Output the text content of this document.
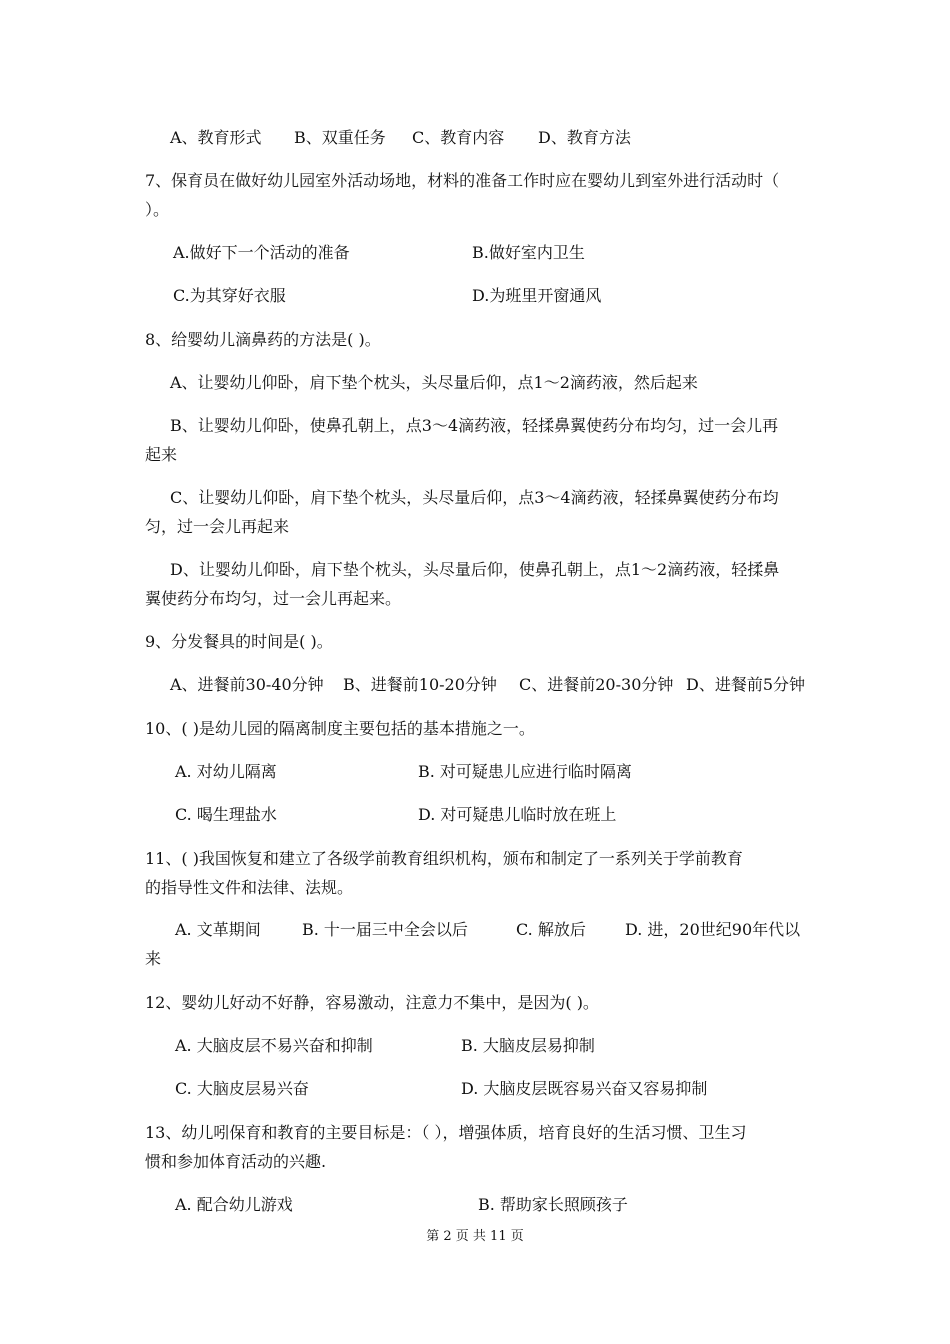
A、教育形式 B、双重任务 C、教育内容 D、教育方法
7、保育员在做好幼儿园室外活动场地，材料的准备工作时应在婴幼儿到室外进行活动时（
）。
A.做好下一个活动的准备	B.做好室内卫生
C.为其穿好衣服	D.为班里开窗通风
8、给婴幼儿滴鼻药的方法是( )。
A、让婴幼儿仰卧，肩下垫个枕头，头尽量后仰，点1～2滴药液，然后起来
B、让婴幼儿仰卧，使鼻孔朝上，点3～4滴药液，轻揉鼻翼使药分布均匀，过一会儿再
起来
C、让婴幼儿仰卧，肩下垫个枕头，头尽量后仰，点3～4滴药液，轻揉鼻翼使药分布均
匀，过一会儿再起来
D、让婴幼儿仰卧，肩下垫个枕头，头尽量后仰，使鼻孔朝上，点1～2滴药液，轻揉鼻
翼使药分布均匀，过一会儿再起来。
9、分发餐具的时间是( )。
A、进餐前30-40分钟 B、进餐前10-20分钟 C、进餐前20-30分钟 D、进餐前5分钟
10、( )是幼儿园的隔离制度主要包括的基本措施之一。
A. 对幼儿隔离	B. 对可疑患儿应进行临时隔离
C. 喝生理盐水	D. 对可疑患儿临时放在班上
11、( )我国恢复和建立了各级学前教育组织机构，颁布和制定了一系列关于学前教育
的指导性文件和法律、法规。
A. 文革期间	B. 十一届三中全会以后	C. 解放后 D. 进，20世纪90年代以
来
12、婴幼儿好动不好静，容易激动，注意力不集中，是因为( )。
A. 大脑皮层不易兴奋和抑制	B. 大脑皮层易抑制
C. 大脑皮层易兴奋	D. 大脑皮层既容易兴奋又容易抑制
13、幼儿吲保育和教育的主要目标是：（ ），增强体质，培育良好的生活习惯、卫生习
惯和参加体育活动的兴趣.
A. 配合幼儿游戏	B. 帮助家长照顾孩子
第 2 页 共 11 页
